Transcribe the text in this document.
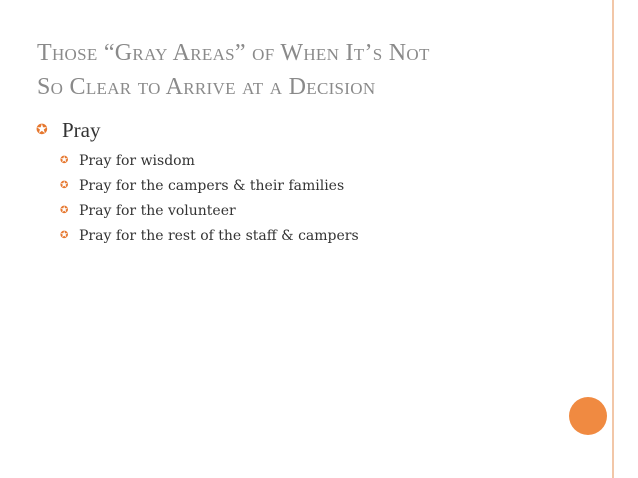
Those “Gray Areas” of When It’s Not
So Clear to Arrive at a Decision
✪ Pray
✪ Pray for wisdom
✪ Pray for the campers & their families
✪ Pray for the volunteer
✪ Pray for the rest of the staff & campers
